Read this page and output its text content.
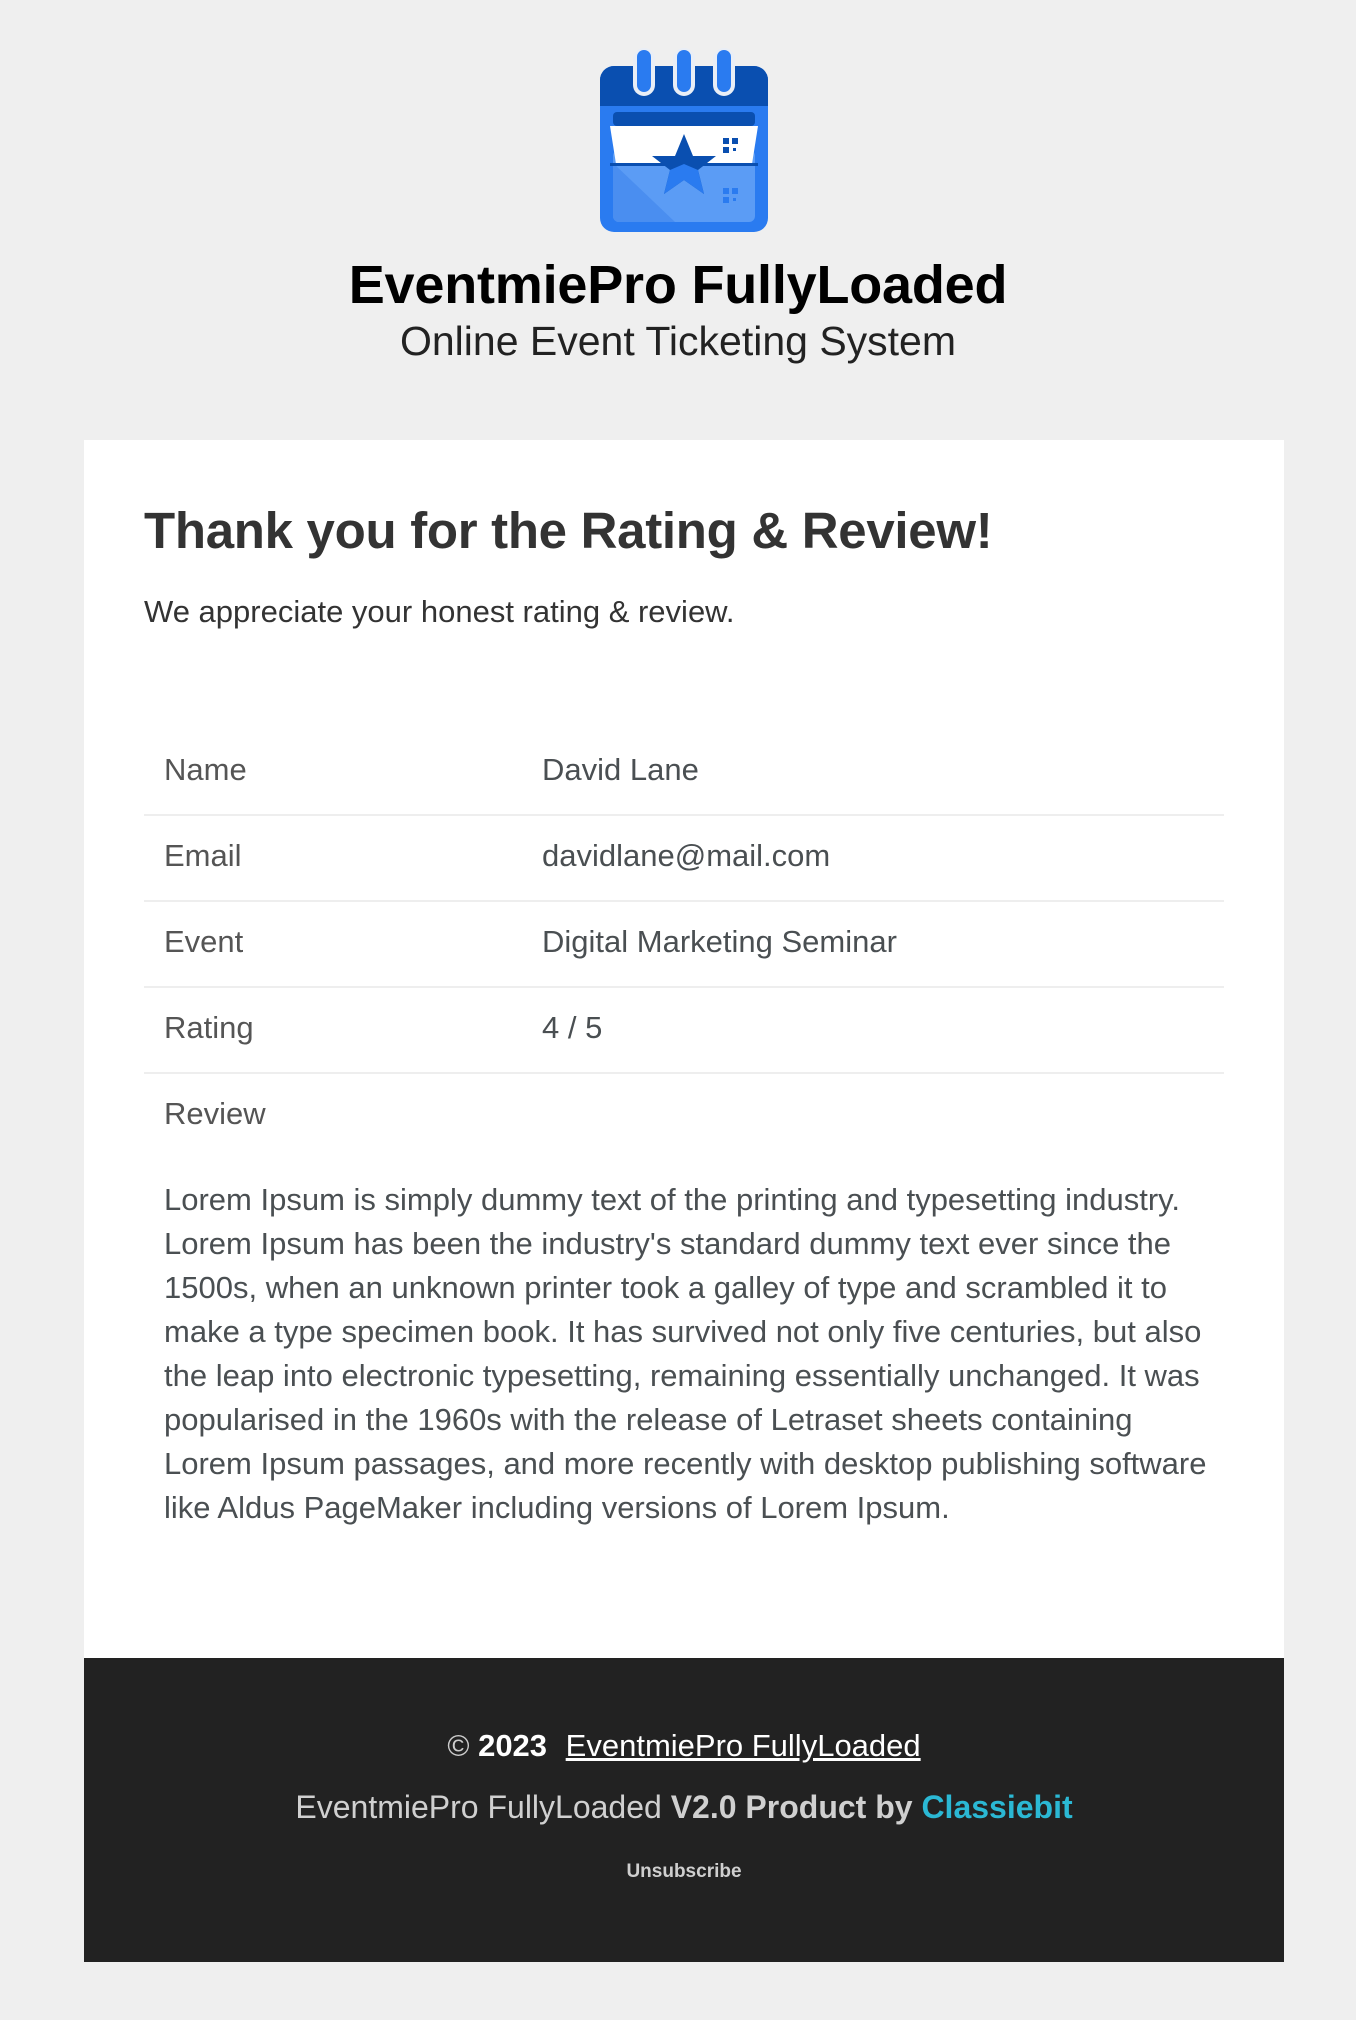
EventmiePro FullyLoaded
Online Event Ticketing System
Thank you for the Rating & Review!

We appreciate your honest rating & review.

Name	David Lane
Email	davidlane@mail.com
Event	Digital Marketing Seminar
Rating	4 / 5
Review

Lorem Ipsum is simply dummy text of the printing and typesetting industry. Lorem Ipsum has been the industry's standard dummy text ever since the 1500s, when an unknown printer took a galley of type and scrambled it to make a type specimen book. It has survived not only five centuries, but also the leap into electronic typesetting, remaining essentially unchanged. It was popularised in the 1960s with the release of Letraset sheets containing Lorem Ipsum passages, and more recently with desktop publishing software like Aldus PageMaker including versions of Lorem Ipsum.

© 2023 EventmiePro FullyLoaded
EventmiePro FullyLoaded V2.0 Product by Classiebit
Unsubscribe
